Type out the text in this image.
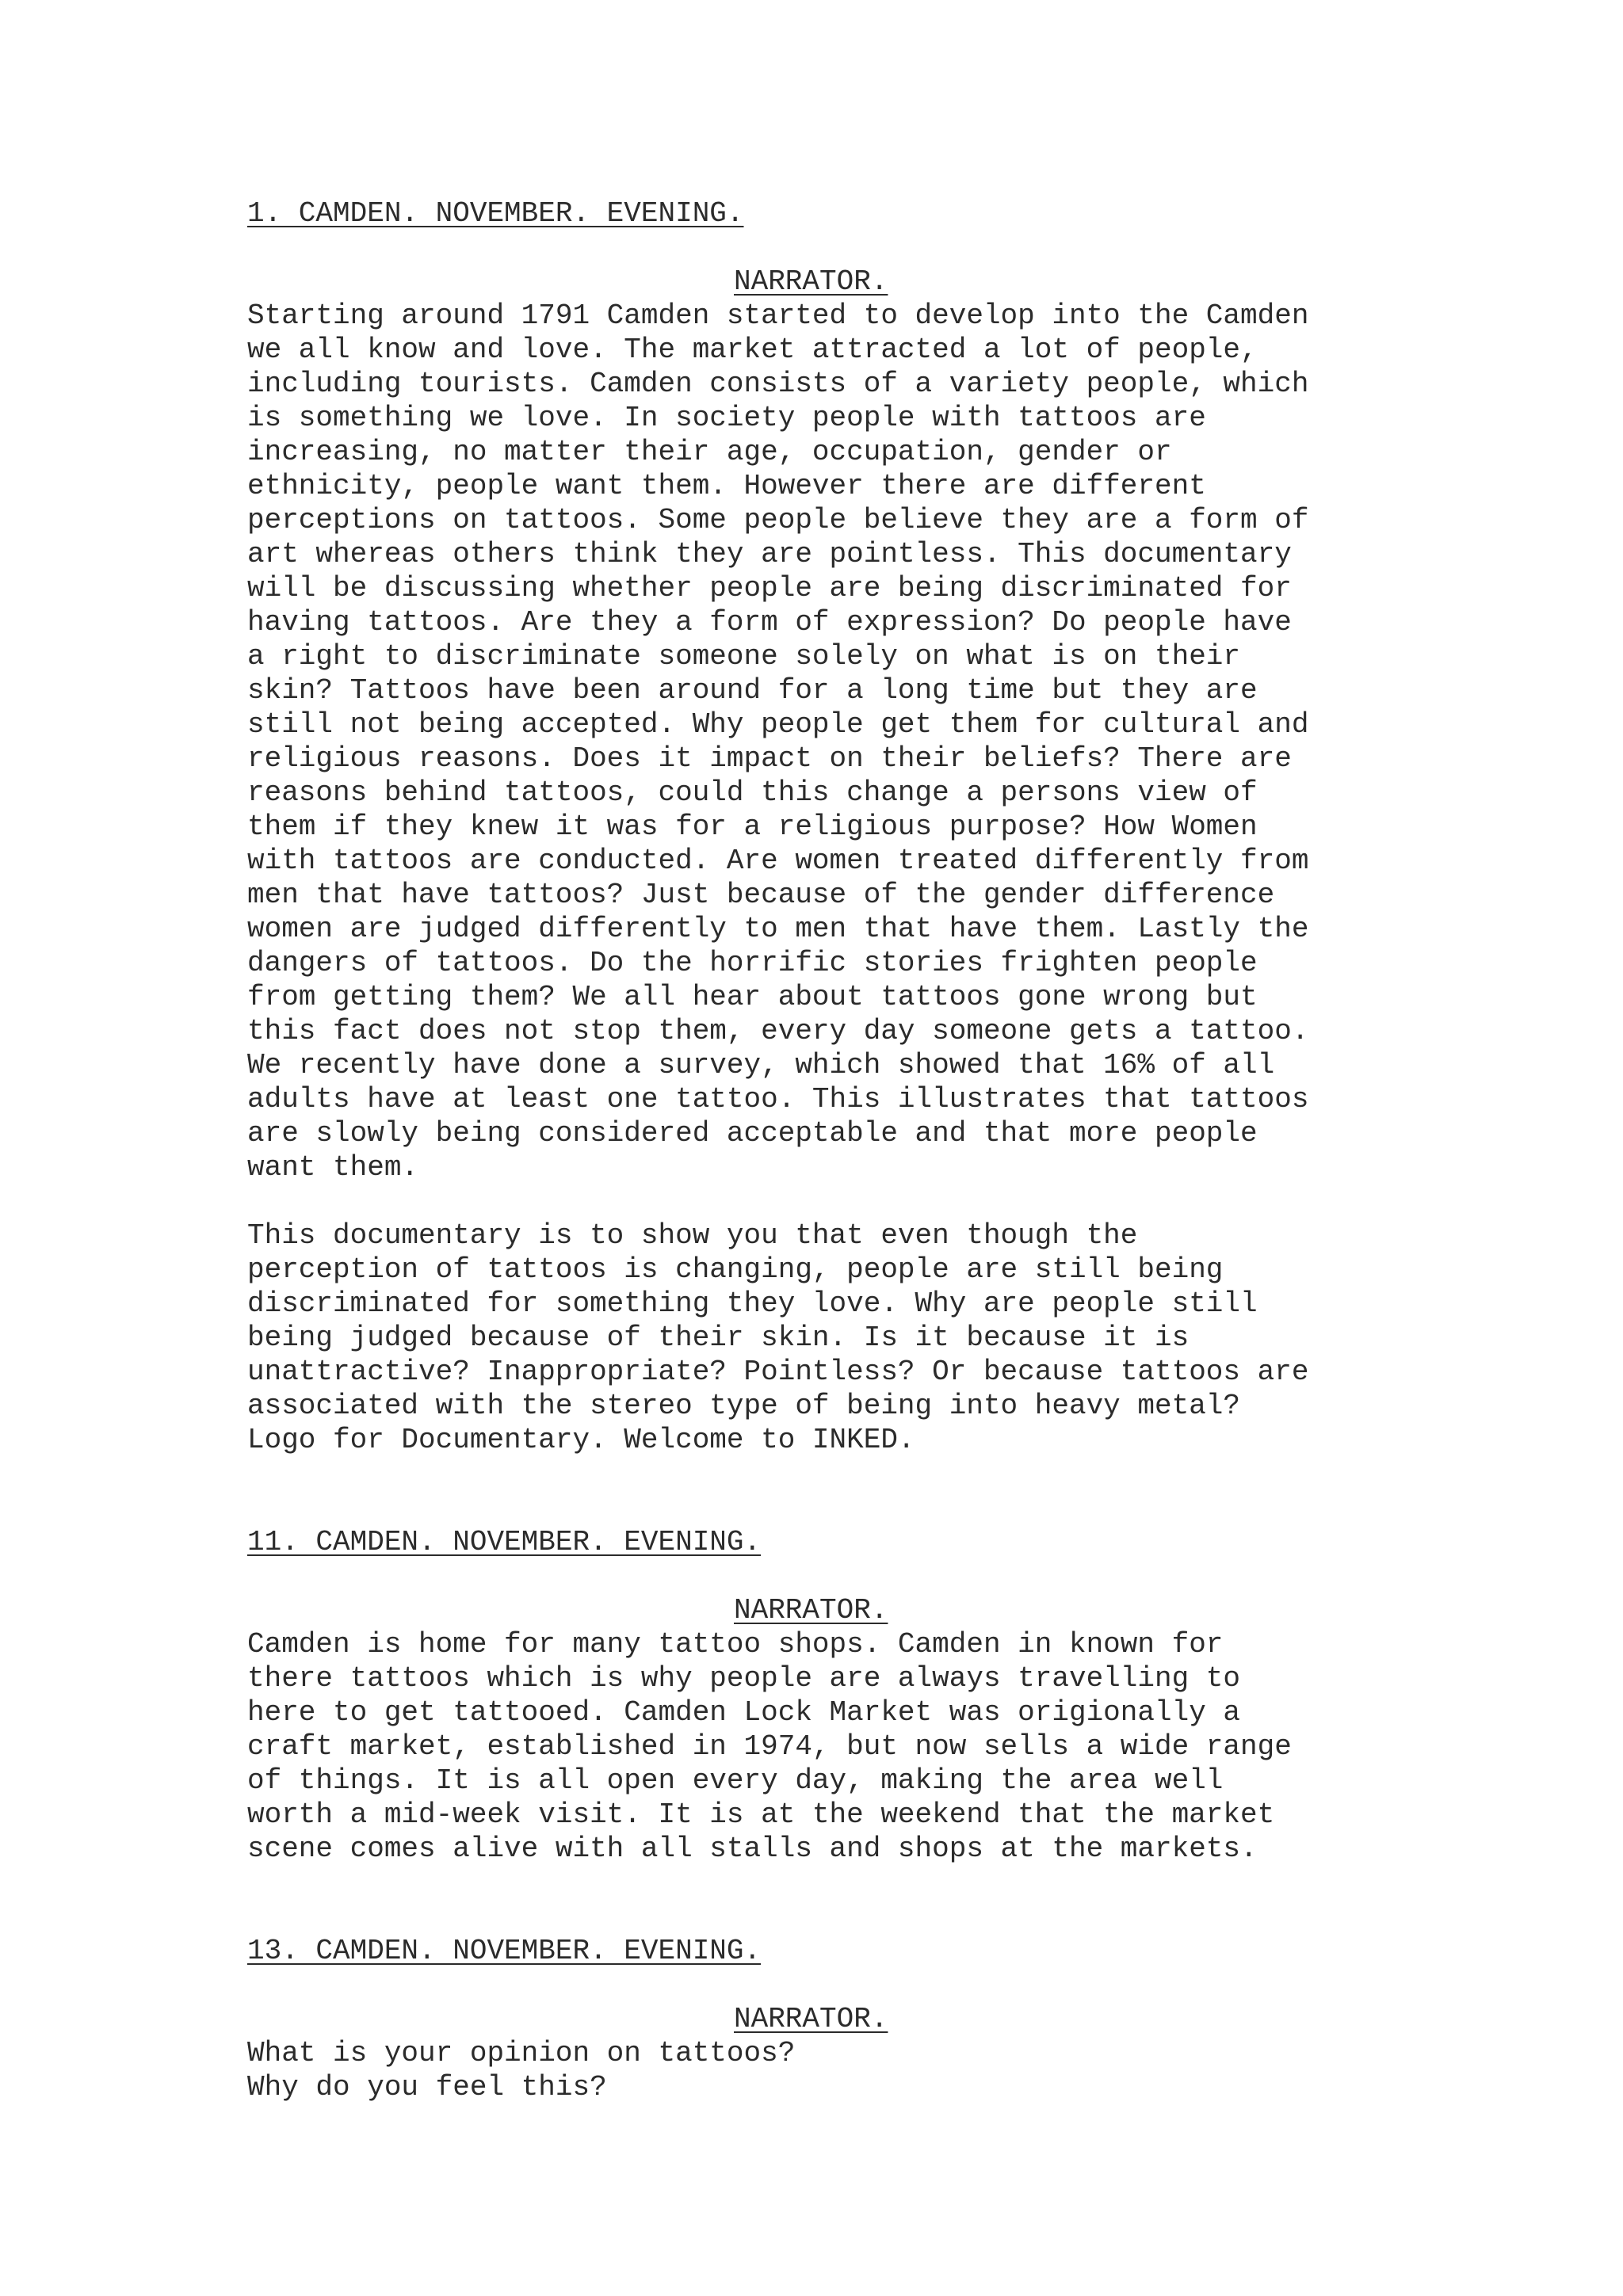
1. CAMDEN. NOVEMBER. EVENING.

NARRATOR.

Starting around 1791 Camden started to develop into the Camden
we all know and love. The market attracted a lot of people,
including tourists. Camden consists of a variety people, which
is something we love. In society people with tattoos are
increasing, no matter their age, occupation, gender or
ethnicity, people want them. However there are different
perceptions on tattoos. Some people believe they are a form of
art whereas others think they are pointless. This documentary
will be discussing whether people are being discriminated for
having tattoos. Are they a form of expression? Do people have
a right to discriminate someone solely on what is on their
skin? Tattoos have been around for a long time but they are
still not being accepted. Why people get them for cultural and
religious reasons. Does it impact on their beliefs? There are
reasons behind tattoos, could this change a persons view of
them if they knew it was for a religious purpose? How Women
with tattoos are conducted. Are women treated differently from
men that have tattoos? Just because of the gender difference
women are judged differently to men that have them. Lastly the
dangers of tattoos. Do the horrific stories frighten people
from getting them? We all hear about tattoos gone wrong but
this fact does not stop them, every day someone gets a tattoo.
We recently have done a survey, which showed that 16% of all
adults have at least one tattoo. This illustrates that tattoos
are slowly being considered acceptable and that more people
want them.

This documentary is to show you that even though the
perception of tattoos is changing, people are still being
discriminated for something they love. Why are people still
being judged because of their skin. Is it because it is
unattractive? Inappropriate? Pointless? Or because tattoos are
associated with the stereo type of being into heavy metal?
Logo for Documentary. Welcome to INKED.

11. CAMDEN. NOVEMBER. EVENING.

NARRATOR.

Camden is home for many tattoo shops. Camden in known for
there tattoos which is why people are always travelling to
here to get tattooed. Camden Lock Market was origionally a
craft market, established in 1974, but now sells a wide range
of things. It is all open every day, making the area well
worth a mid-week visit. It is at the weekend that the market
scene comes alive with all stalls and shops at the markets.

13. CAMDEN. NOVEMBER. EVENING.

NARRATOR.

What is your opinion on tattoos?
Why do you feel this?
